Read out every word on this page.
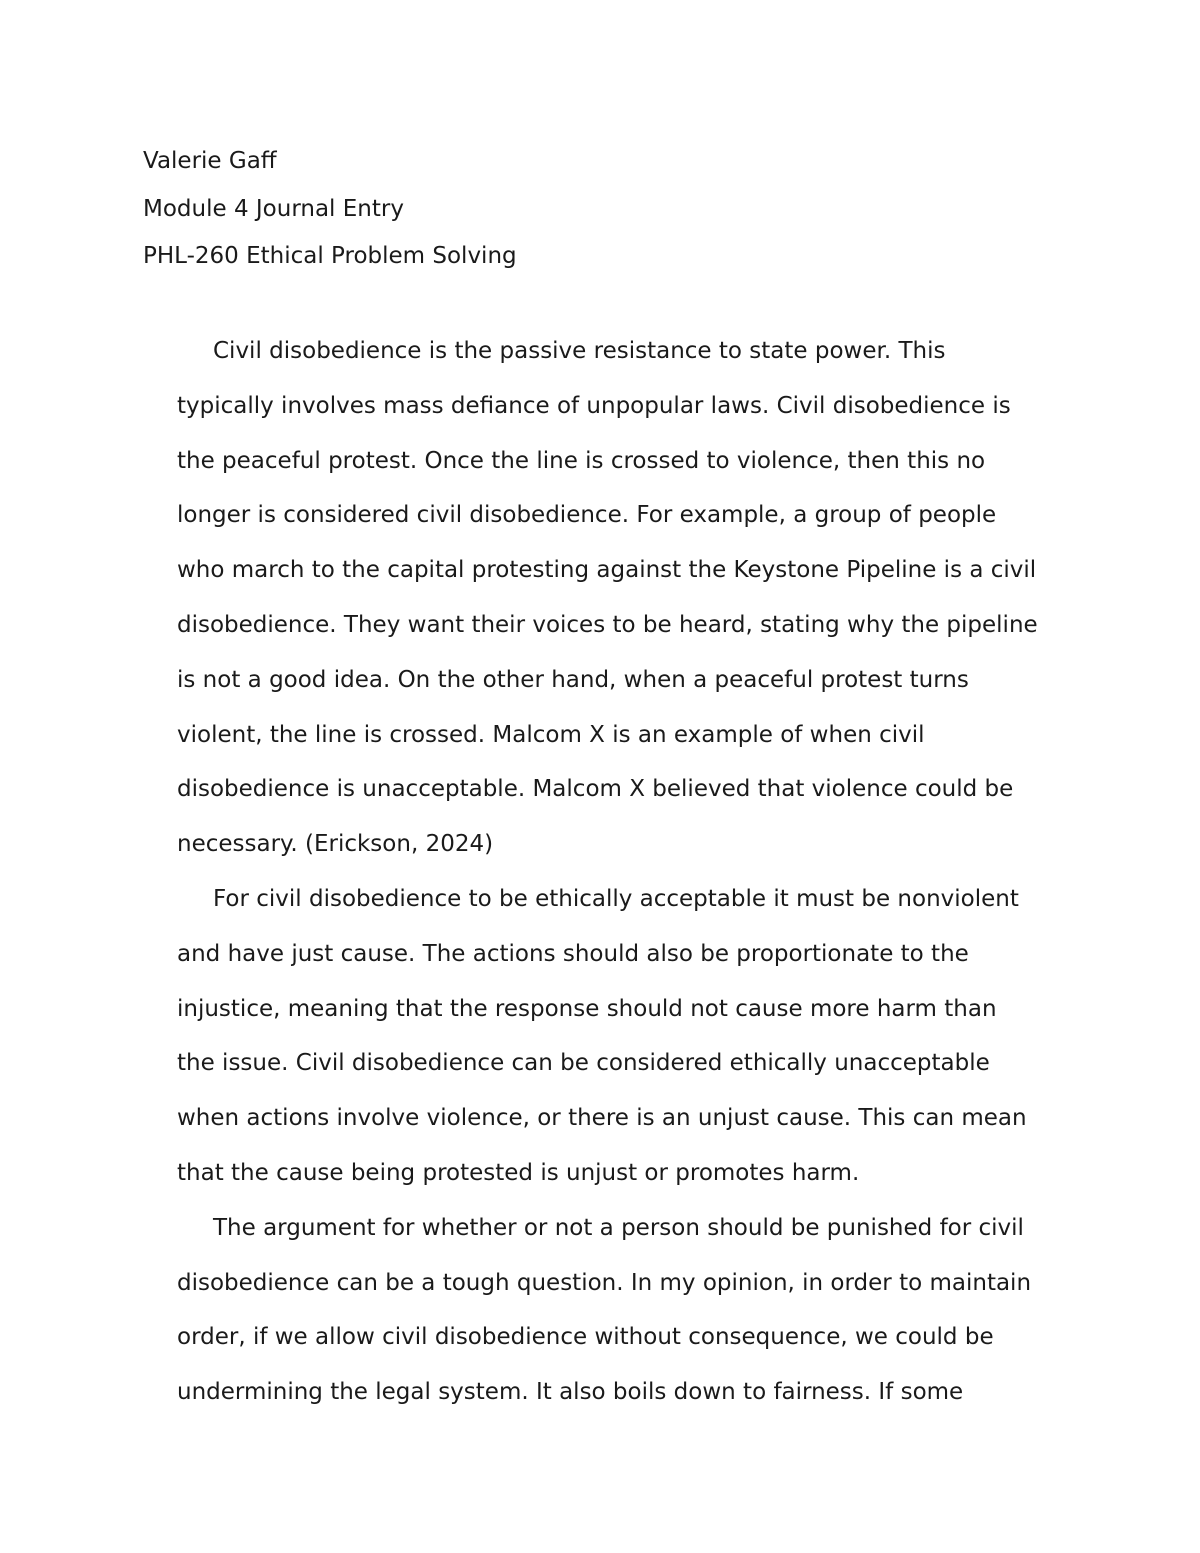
Valerie Gaff

Module 4 Journal Entry

PHL-260 Ethical Problem Solving

Civil disobedience is the passive resistance to state power. This

typically involves mass defiance of unpopular laws. Civil disobedience is

the peaceful protest. Once the line is crossed to violence, then this no

longer is considered civil disobedience. For example, a group of people

who march to the capital protesting against the Keystone Pipeline is a civil

disobedience. They want their voices to be heard, stating why the pipeline

is not a good idea. On the other hand, when a peaceful protest turns

violent, the line is crossed. Malcom X is an example of when civil

disobedience is unacceptable. Malcom X believed that violence could be

necessary. (Erickson, 2024)

For civil disobedience to be ethically acceptable it must be nonviolent

and have just cause. The actions should also be proportionate to the

injustice, meaning that the response should not cause more harm than

the issue. Civil disobedience can be considered ethically unacceptable

when actions involve violence, or there is an unjust cause. This can mean

that the cause being protested is unjust or promotes harm.

The argument for whether or not a person should be punished for civil

disobedience can be a tough question. In my opinion, in order to maintain

order, if we allow civil disobedience without consequence, we could be

undermining the legal system. It also boils down to fairness. If some
